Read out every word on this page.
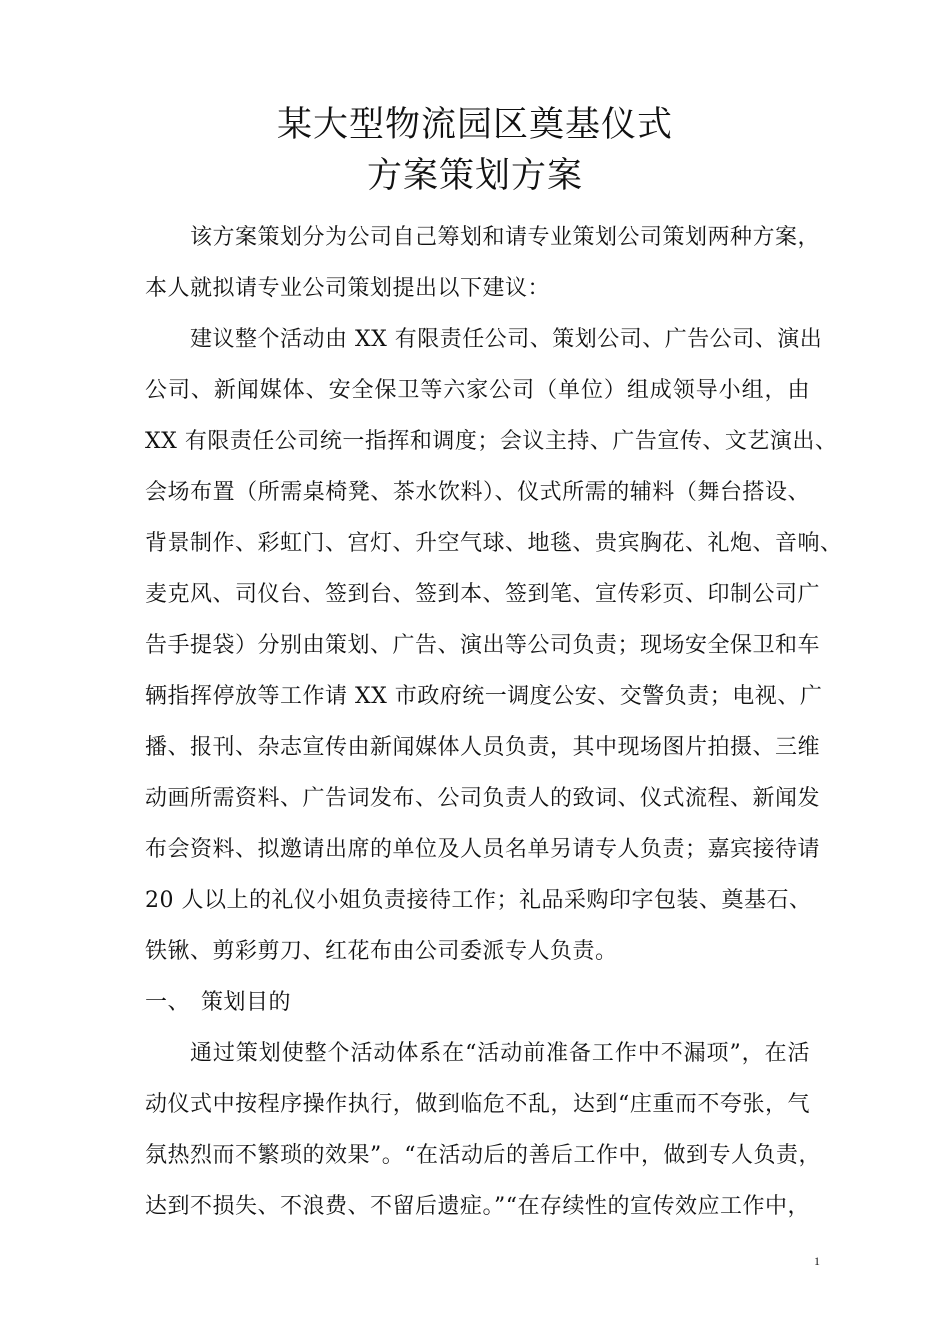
某大型物流园区奠基仪式
方案策划方案
该方案策划分为公司自己筹划和请专业策划公司策划两种方案，
本人就拟请专业公司策划提出以下建议：
建议整个活动由 XX 有限责任公司、策划公司、广告公司、演出
公司、新闻媒体、安全保卫等六家公司（单位）组成领导小组，由
XX 有限责任公司统一指挥和调度；会议主持、广告宣传、文艺演出、
会场布置（所需桌椅凳、茶水饮料）、仪式所需的辅料（舞台搭设、
背景制作、彩虹门、宫灯、升空气球、地毯、贵宾胸花、礼炮、音响、
麦克风、司仪台、签到台、签到本、签到笔、宣传彩页、印制公司广
告手提袋）分别由策划、广告、演出等公司负责；现场安全保卫和车
辆指挥停放等工作请 XX 市政府统一调度公安、交警负责；电视、广
播、报刊、杂志宣传由新闻媒体人员负责，其中现场图片拍摄、三维
动画所需资料、广告词发布、公司负责人的致词、仪式流程、新闻发
布会资料、拟邀请出席的单位及人员名单另请专人负责；嘉宾接待请
20 人以上的礼仪小姐负责接待工作；礼品采购印字包装、奠基石、
铁锹、剪彩剪刀、红花布由公司委派专人负责。
一、 策划目的
通过策划使整个活动体系在“活动前准备工作中不漏项”，在活
动仪式中按程序操作执行，做到临危不乱，达到“庄重而不夸张，气
氛热烈而不繁琐的效果”。“在活动后的善后工作中，做到专人负责，
达到不损失、不浪费、不留后遗症。”“在存续性的宣传效应工作中，
1
